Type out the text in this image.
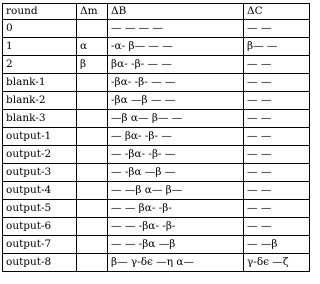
round	Δm	ΔB	ΔC
0		— — — —	— —
1	α	-α- β— — —	β— —
2	β	βα- -β- — —	— —
blank-1		-βα- -β- — —	— —
blank-2		-βα —β — —	— —
blank-3		—β α— β— —	— —
output-1		— βα- -β- —	— —
output-2		— -βα- -β- —	— —
output-3		— -βα —β —	— —
output-4		— —β α— β—	— —
output-5		— — βα- -β-	— —
output-6		— — -βα- -β-	— —
output-7		— — -βα —β	— —β
output-8		β— γ-δϵ —η α—	γ-δϵ —ζ
